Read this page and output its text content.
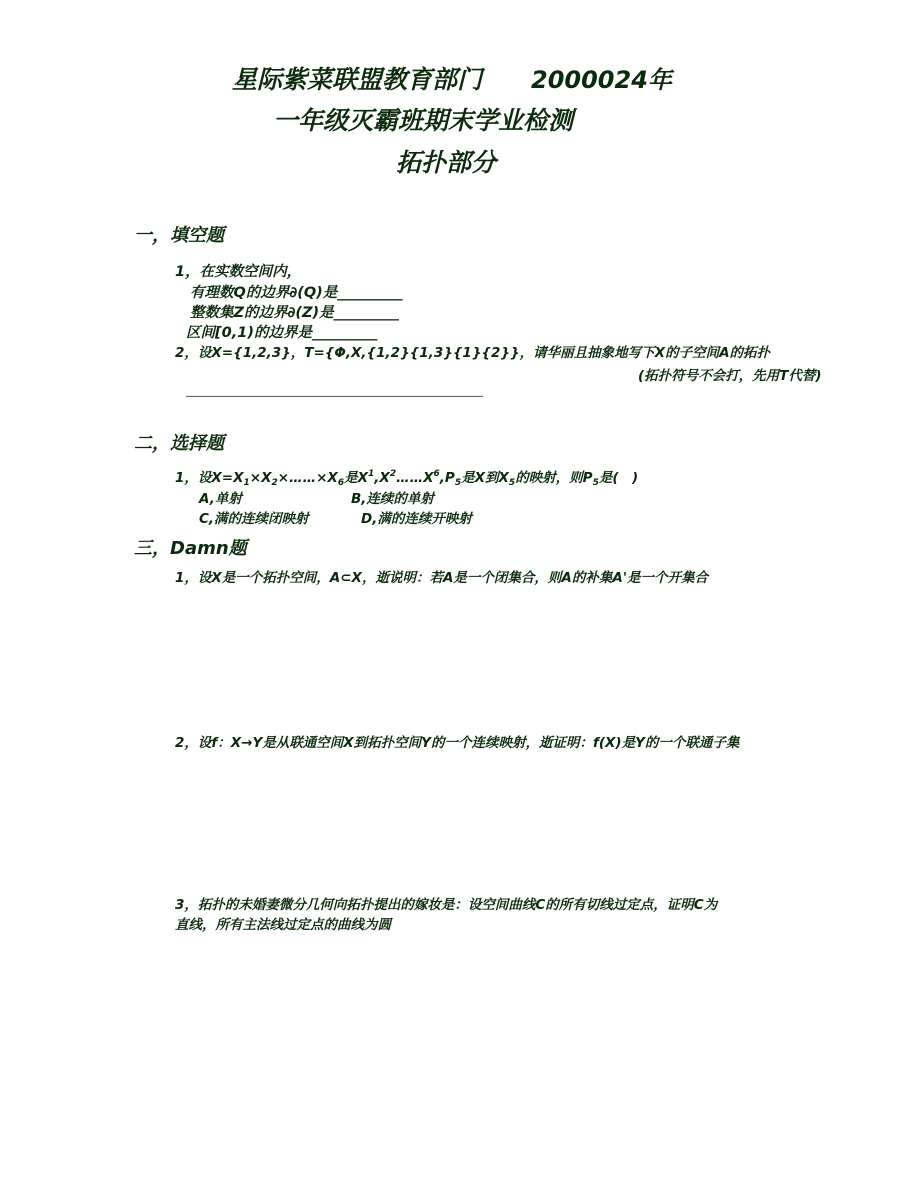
星际紫菜联盟教育部门 2000024年
一年级灭霸班期末学业检测
拓扑部分
一，填空题
1，在实数空间内，
有理数Q的边界∂(Q)是_________
整数集Z的边界∂(Z)是_________
区间[0,1)的边界是_________
2，设X={1,2,3}，T={Φ,X,{1,2}{1,3}{1}{2}}，请华丽且抽象地写下X的子空间A的拓扑
(拓扑符号不会打，先用T代替)
______________________________________________________
二，选择题
1，设$X=X_1\times X_2\times\dots\dots\times X_6$是$X^1,X^2\dots\dots X^6,P_5$是X到$X_5$的映射，则$P_5$是(　)
A,单射	B,连续的单射
C,满的连续闭映射	D,满的连续开映射
三，Damn题
1，设X是一个拓扑空间，A⊂X，逝说明：若A是一个闭集合，则A的补集A'是一个开集合
2，设f：X→Y是从联通空间X到拓扑空间Y的一个连续映射，逝证明：f(X)是Y的一个联通子集
3，拓扑的未婚妻微分几何向拓扑提出的嫁妆是：设空间曲线C的所有切线过定点，证明C为
直线，所有主法线过定点的曲线为圆
